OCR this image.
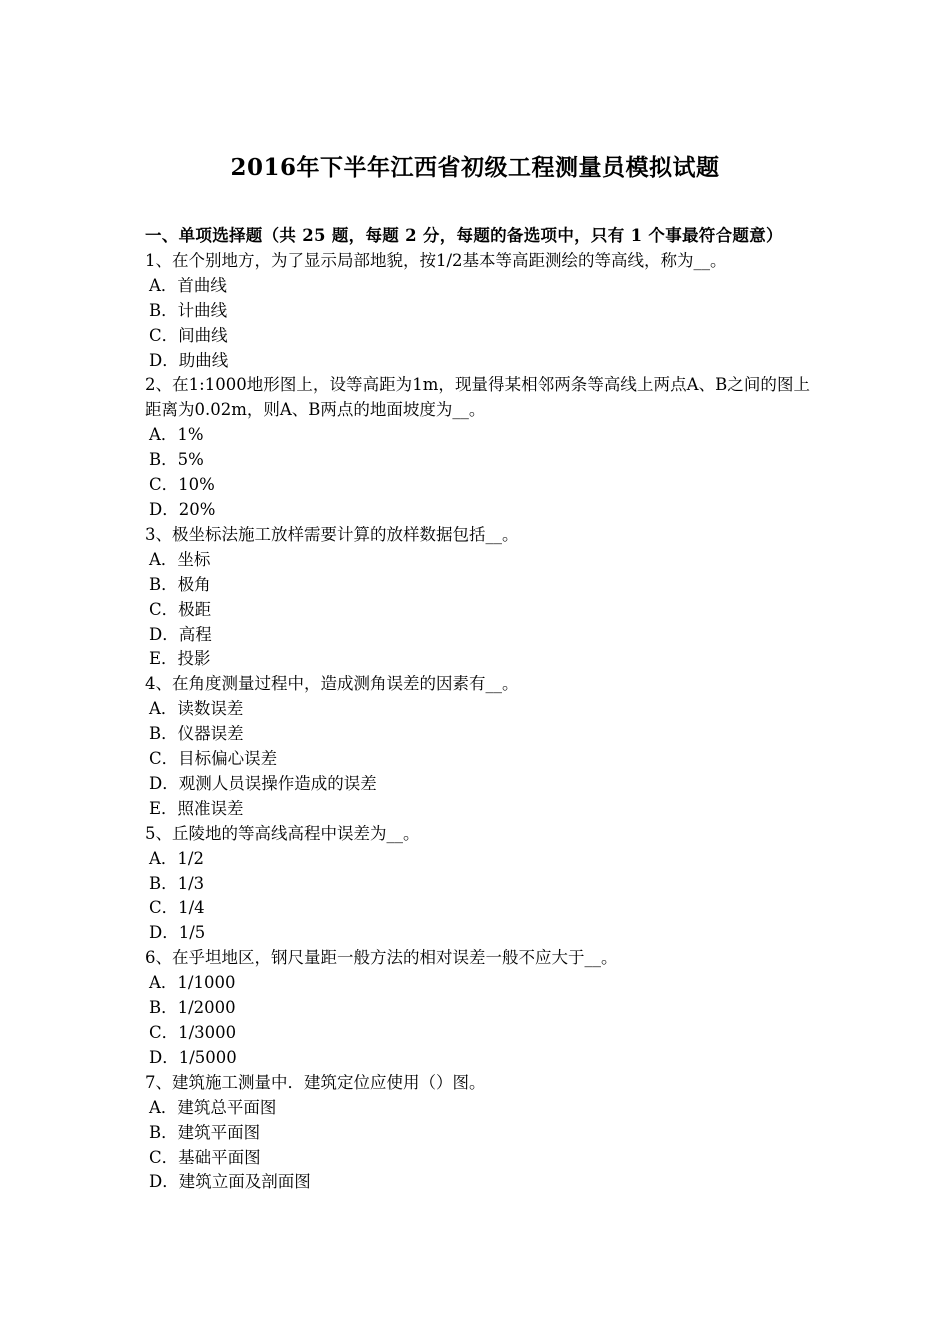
2016年下半年江西省初级工程测量员模拟试题
一、单项选择题（共 25 题，每题 2 分，每题的备选项中，只有 1 个事最符合题意）
1、在个别地方，为了显示局部地貌，按1/2基本等高距测绘的等高线，称为__。
A．首曲线
B．计曲线
C．间曲线
D．助曲线
2、在1:1000地形图上，设等高距为1m，现量得某相邻两条等高线上两点A、B之间的图上距离为0.02m，则A、B两点的地面坡度为__。
A．1%
B．5%
C．10%
D．20%
3、极坐标法施工放样需要计算的放样数据包括__。
A．坐标
B．极角
C．极距
D．高程
E．投影
4、在角度测量过程中，造成测角误差的因素有__。
A．读数误差
B．仪器误差
C．目标偏心误差
D．观测人员误操作造成的误差
E．照准误差
5、丘陵地的等高线高程中误差为__。
A．1/2
B．1/3
C．1/4
D．1/5
6、在乎坦地区，钢尺量距一般方法的相对误差一般不应大于__。
A．1/1000
B．1/2000
C．1/3000
D．1/5000
7、建筑施工测量中．建筑定位应使用（）图。
A．建筑总平面图
B．建筑平面图
C．基础平面图
D．建筑立面及剖面图
